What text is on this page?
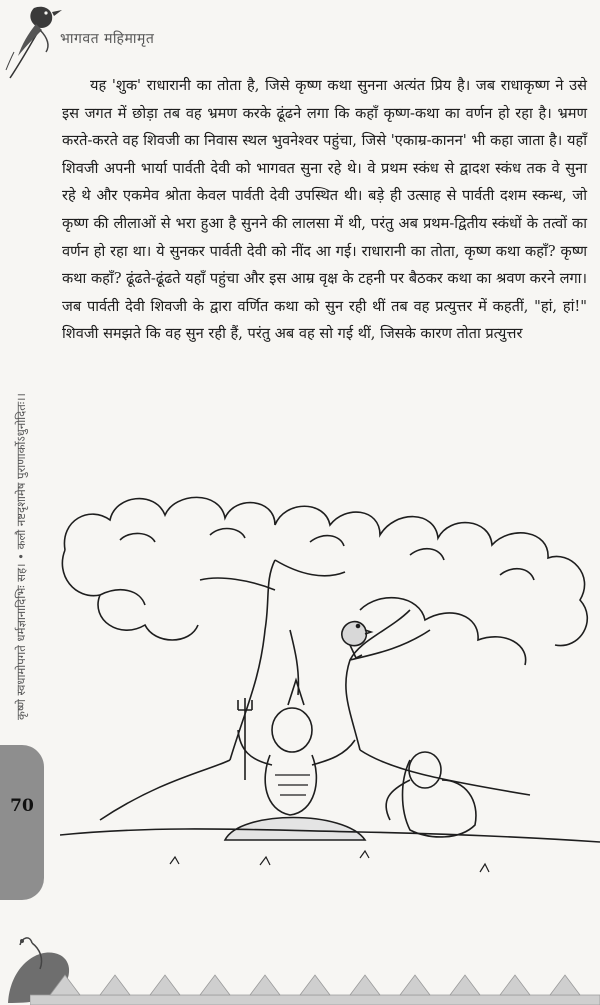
भागवत महिमामृत
कृष्णे स्वधामोपगते धर्मज्ञानादिभिः सह। • कलौ नष्टदृशामेष पुराणार्कोऽधुनोदितः।।
70

यह 'शुक' राधारानी का तोता है, जिसे कृष्ण कथा सुनना अत्यंत प्रिय है। जब राधाकृष्ण ने उसे इस जगत में छोड़ा तब वह भ्रमण करके ढूंढने लगा कि कहाँ कृष्ण-कथा का वर्णन हो रहा है। भ्रमण करते-करते वह शिवजी का निवास स्थल भुवनेश्वर पहुंचा, जिसे 'एकाम्र-कानन' भी कहा जाता है। यहाँ शिवजी अपनी भार्या पार्वती देवी को भागवत सुना रहे थे। वे प्रथम स्कंध से द्वादश स्कंध तक वे सुना रहे थे और एकमेव श्रोता केवल पार्वती देवी उपस्थित थी। बड़े ही उत्साह से पार्वती दशम स्कन्ध, जो कृष्ण की लीलाओं से भरा हुआ है सुनने की लालसा में थी, परंतु अब प्रथम-द्वितीय स्कंधों के तत्वों का वर्णन हो रहा था। ये सुनकर पार्वती देवी को नींद आ गई। राधारानी का तोता, कृष्ण कथा कहाँ? कृष्ण कथा कहाँ? ढूंढते-ढूंढते यहाँ पहुंचा और इस आम्र वृक्ष के टहनी पर बैठकर कथा का श्रवण करने लगा। जब पार्वती देवी शिवजी के द्वारा वर्णित कथा को सुन रही थीं तब वह प्रत्युत्तर में कहतीं, "हां, हां!" शिवजी समझते कि वह सुन रही हैं, परंतु अब वह सो गई थीं, जिसके कारण तोता प्रत्युत्तर
